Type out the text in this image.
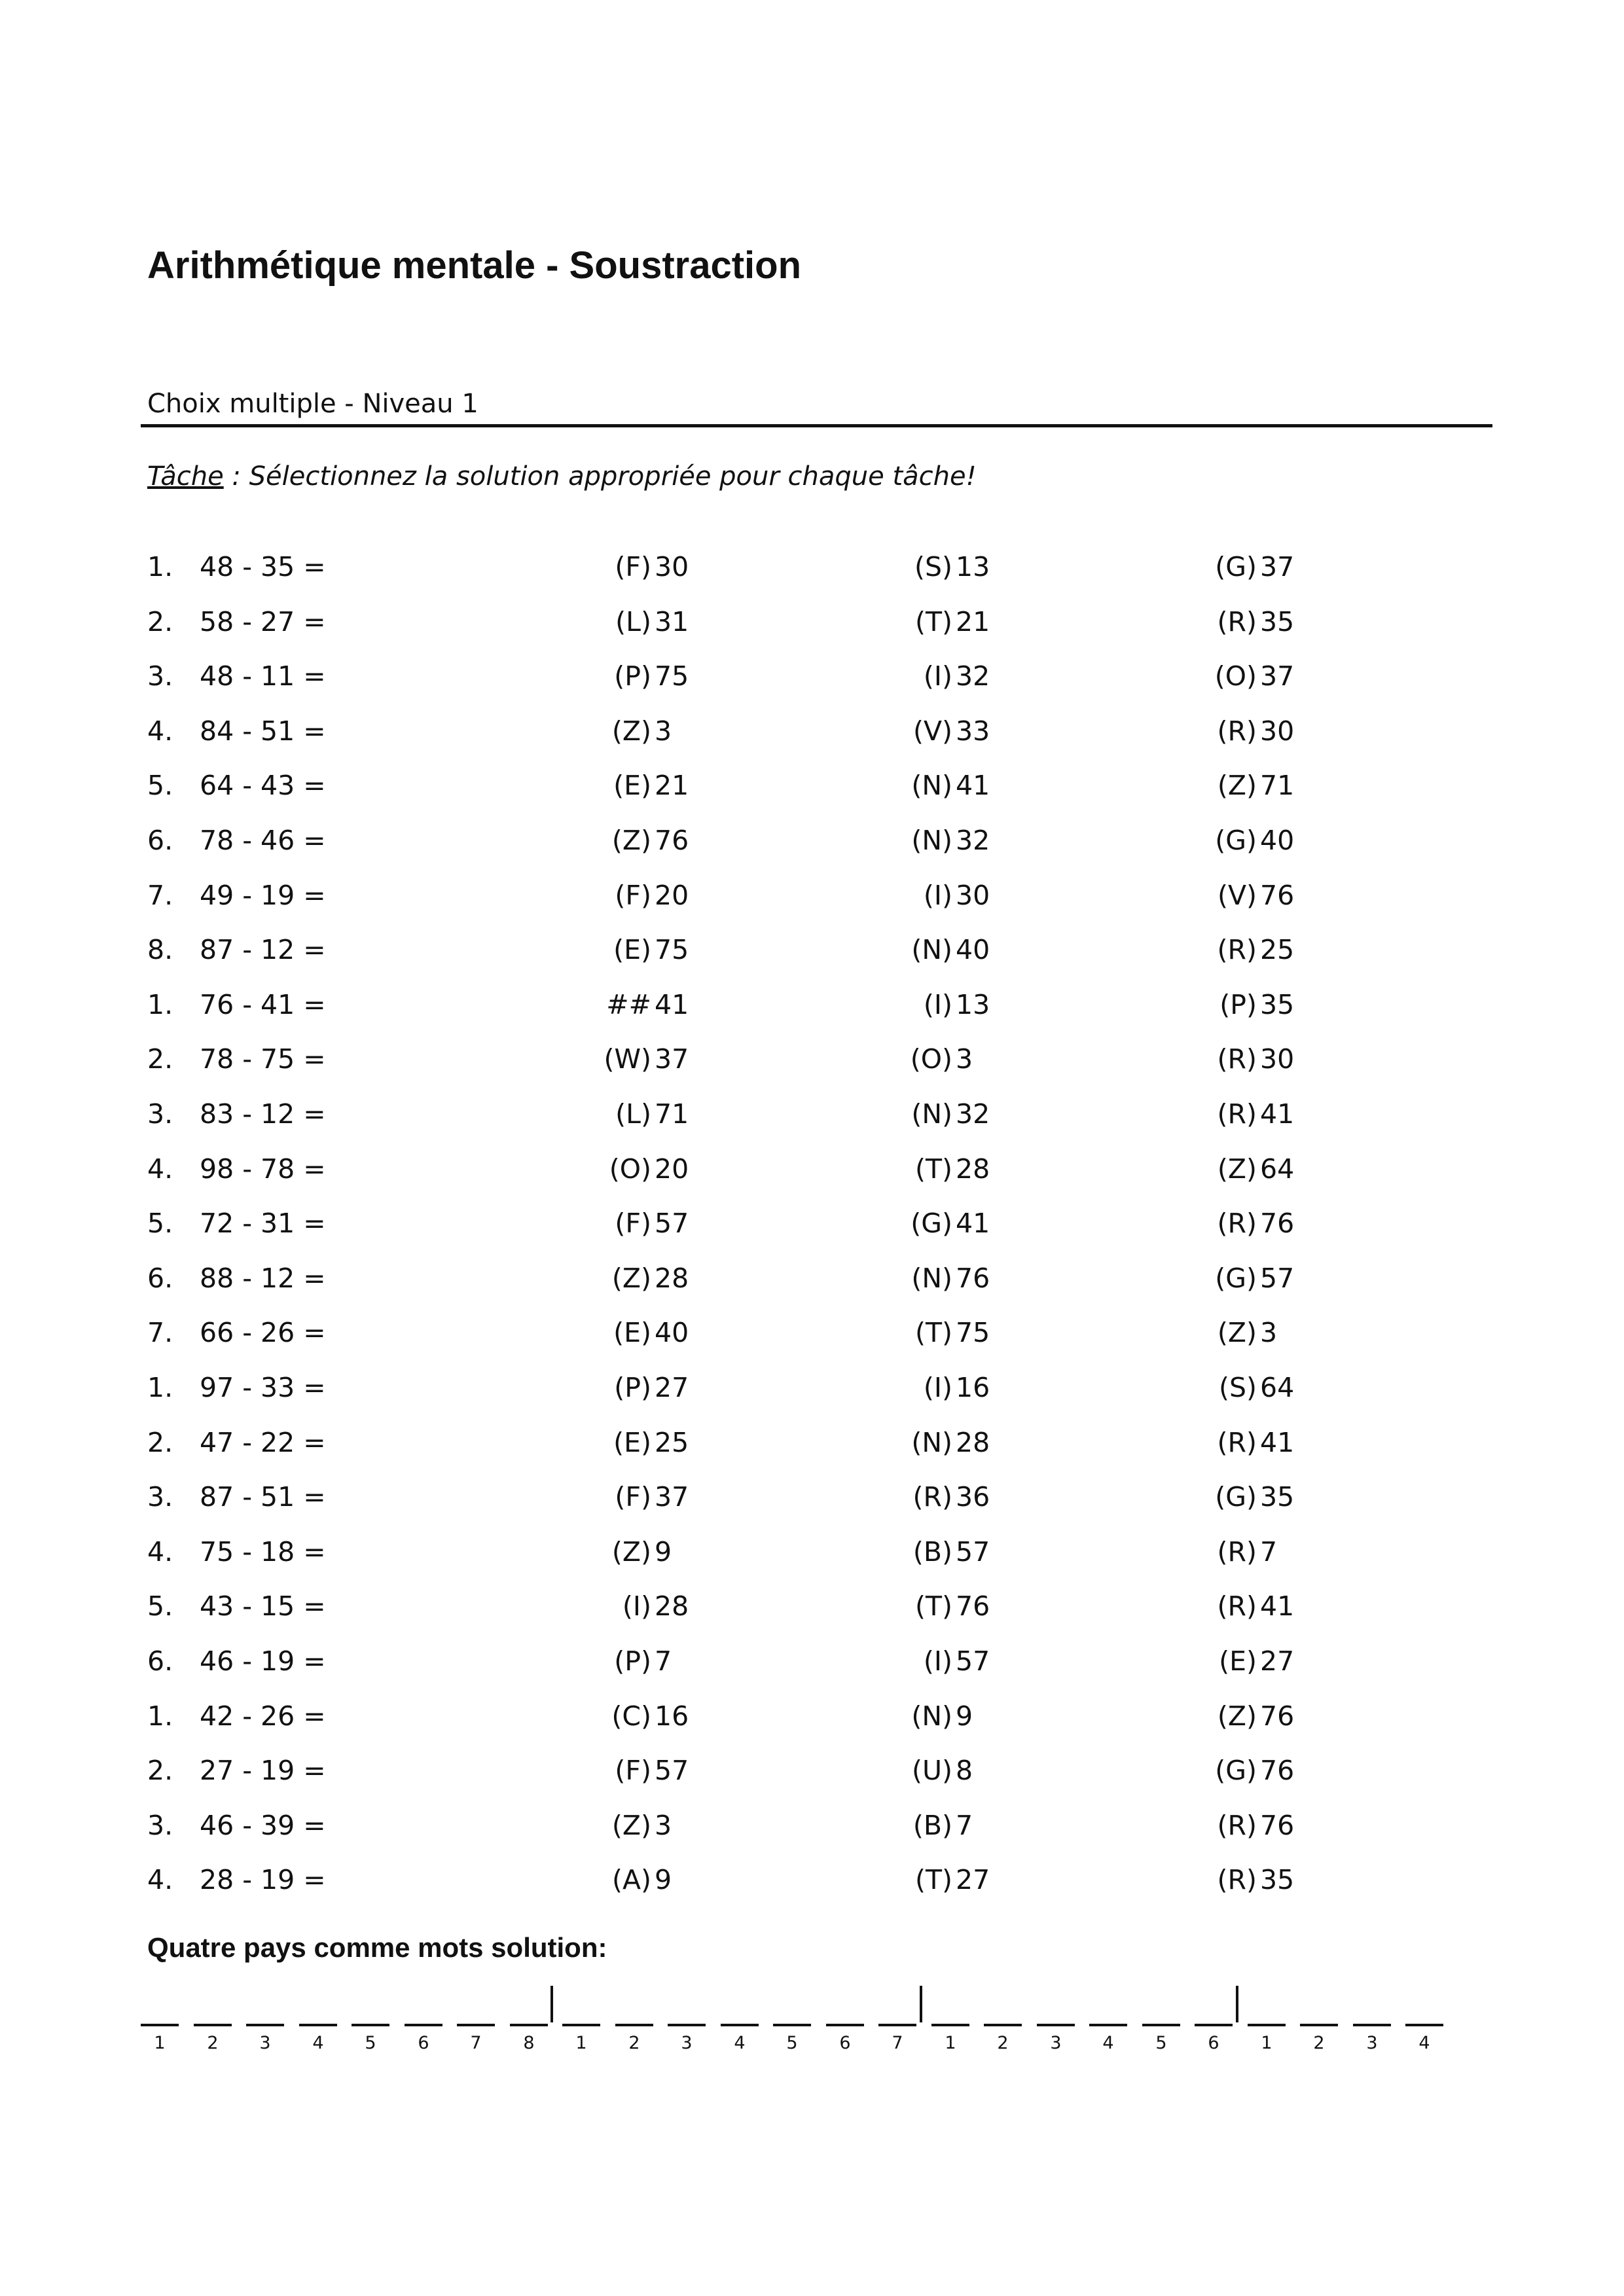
Arithmétique mentale - Soustraction
Choix multiple - Niveau 1
Tâche : Sélectionnez la solution appropriée pour chaque tâche!
1. 48 - 35 =	(F) 30	(S) 13	(G) 37
2. 58 - 27 =	(L) 31	(T) 21	(R) 35
3. 48 - 11 =	(P) 75	(I) 32	(O) 37
4. 84 - 51 =	(Z) 3	(V) 33	(R) 30
5. 64 - 43 =	(E) 21	(N) 41	(Z) 71
6. 78 - 46 =	(Z) 76	(N) 32	(G) 40
7. 49 - 19 =	(F) 20	(I) 30	(V) 76
8. 87 - 12 =	(E) 75	(N) 40	(R) 25
1. 76 - 41 =	## 41	(I) 13	(P) 35
2. 78 - 75 =	(W) 37	(O) 3	(R) 30
3. 83 - 12 =	(L) 71	(N) 32	(R) 41
4. 98 - 78 =	(O) 20	(T) 28	(Z) 64
5. 72 - 31 =	(F) 57	(G) 41	(R) 76
6. 88 - 12 =	(Z) 28	(N) 76	(G) 57
7. 66 - 26 =	(E) 40	(T) 75	(Z) 3
1. 97 - 33 =	(P) 27	(I) 16	(S) 64
2. 47 - 22 =	(E) 25	(N) 28	(R) 41
3. 87 - 51 =	(F) 37	(R) 36	(G) 35
4. 75 - 18 =	(Z) 9	(B) 57	(R) 7
5. 43 - 15 =	(I) 28	(T) 76	(R) 41
6. 46 - 19 =	(P) 7	(I) 57	(E) 27
1. 42 - 26 =	(C) 16	(N) 9	(Z) 76
2. 27 - 19 =	(F) 57	(U) 8	(G) 76
3. 46 - 39 =	(Z) 3	(B) 7	(R) 76
4. 28 - 19 =	(A) 9	(T) 27	(R) 35
Quatre pays comme mots solution:
1	2	3	4	5	6	7	8	1	2	3	4	5	6	7	1	2	3	4	5	6	1	2	3	4
